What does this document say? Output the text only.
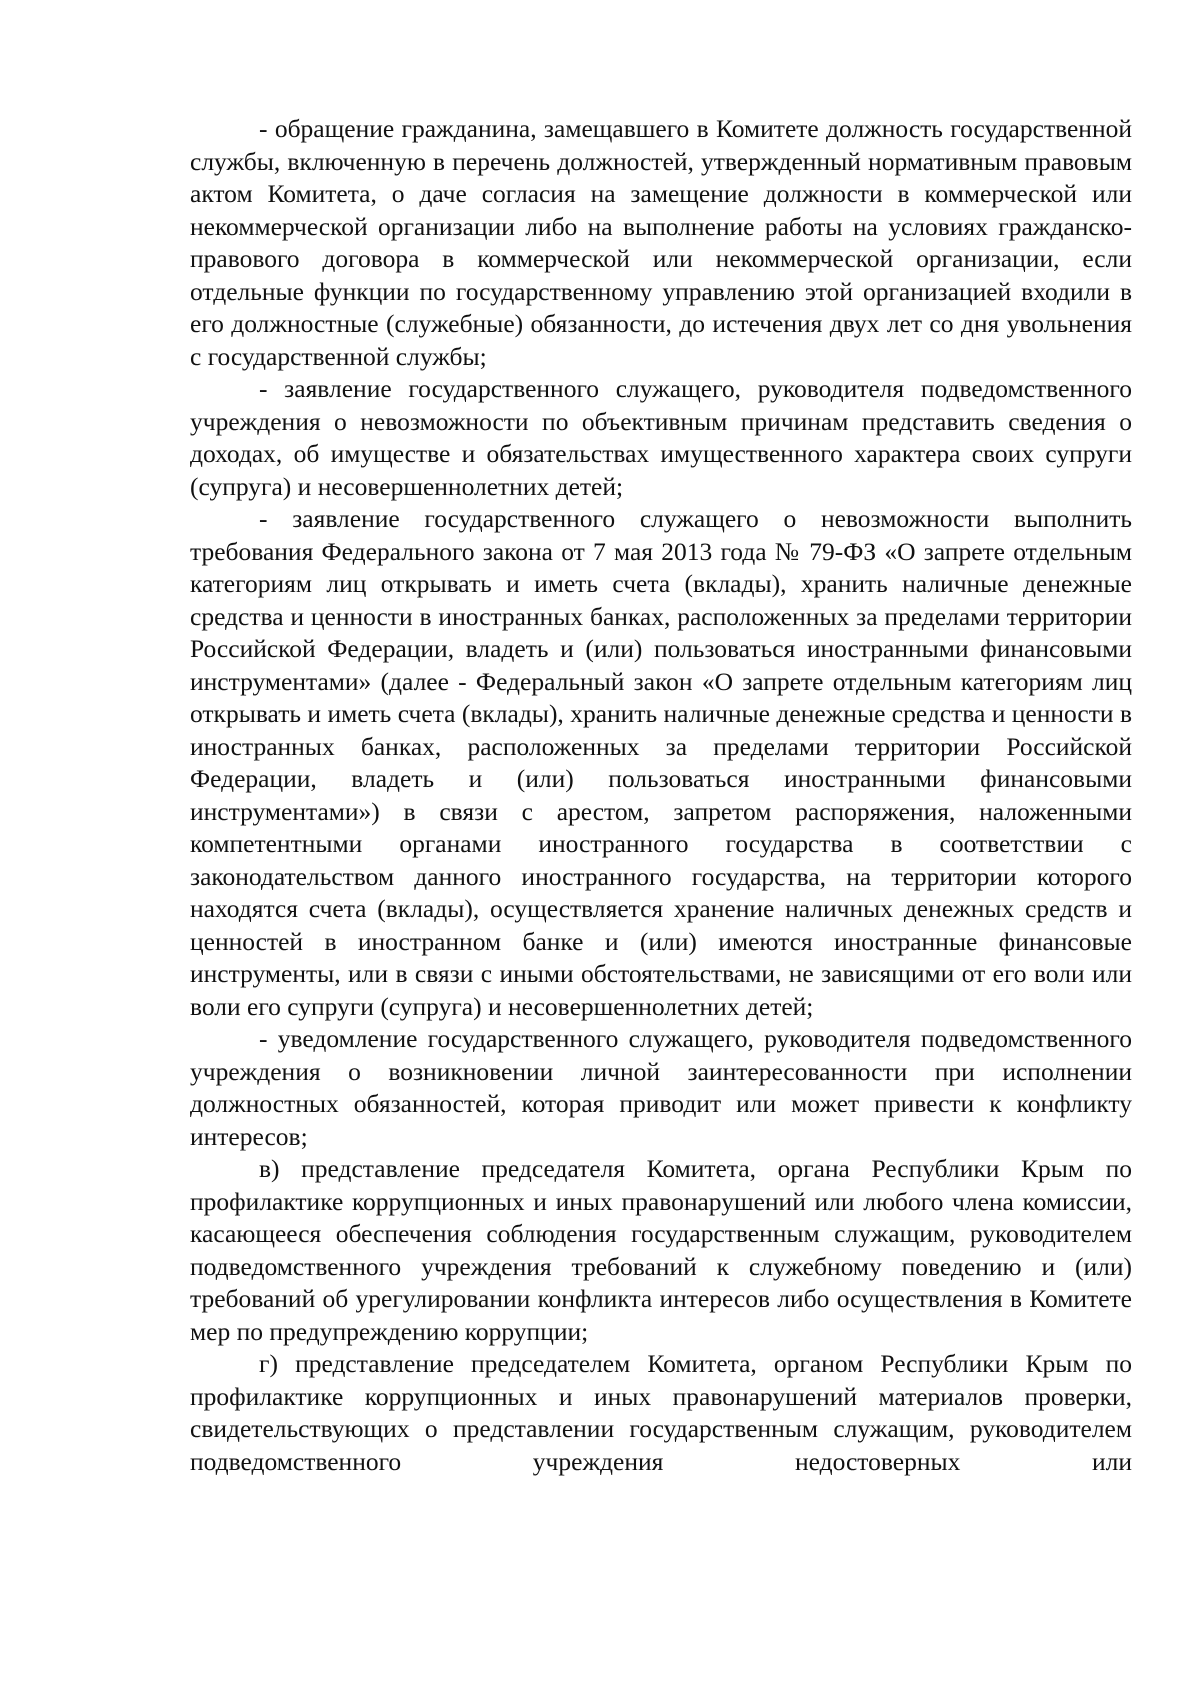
- обращение гражданина, замещавшего в Комитете должность государственной службы, включенную в перечень должностей, утвержденный нормативным правовым актом Комитета, о даче согласия на замещение должности в коммерческой или некоммерческой организации либо на выполнение работы на условиях гражданско-правового договора в коммерческой или некоммерческой организации, если отдельные функции по государственному управлению этой организацией входили в его должностные (служебные) обязанности, до истечения двух лет со дня увольнения с государственной службы;

- заявление государственного служащего, руководителя подведомственного учреждения о невозможности по объективным причинам представить сведения о доходах, об имуществе и обязательствах имущественного характера своих супруги (супруга) и несовершеннолетних детей;

- заявление государственного служащего о невозможности выполнить требования Федерального закона от 7 мая 2013 года № 79-ФЗ «О запрете отдельным категориям лиц открывать и иметь счета (вклады), хранить наличные денежные средства и ценности в иностранных банках, расположенных за пределами территории Российской Федерации, владеть и (или) пользоваться иностранными финансовыми инструментами» (далее - Федеральный закон «О запрете отдельным категориям лиц открывать и иметь счета (вклады), хранить наличные денежные средства и ценности в иностранных банках, расположенных за пределами территории Российской Федерации, владеть и (или) пользоваться иностранными финансовыми инструментами») в связи с арестом, запретом распоряжения, наложенными компетентными органами иностранного государства в соответствии с законодательством данного иностранного государства, на территории которого находятся счета (вклады), осуществляется хранение наличных денежных средств и ценностей в иностранном банке и (или) имеются иностранные финансовые инструменты, или в связи с иными обстоятельствами, не зависящими от его воли или воли его супруги (супруга) и несовершеннолетних детей;

- уведомление государственного служащего, руководителя подведомственного учреждения о возникновении личной заинтересованности при исполнении должностных обязанностей, которая приводит или может привести к конфликту интересов;

в) представление председателя Комитета, органа Республики Крым по профилактике коррупционных и иных правонарушений или любого члена комиссии, касающееся обеспечения соблюдения государственным служащим, руководителем подведомственного учреждения требований к служебному поведению и (или) требований об урегулировании конфликта интересов либо осуществления в Комитете мер по предупреждению коррупции;

г) представление председателем Комитета, органом Республики Крым по профилактике коррупционных и иных правонарушений материалов проверки, свидетельствующих о представлении государственным служащим, руководителем подведомственного учреждения недостоверных или
